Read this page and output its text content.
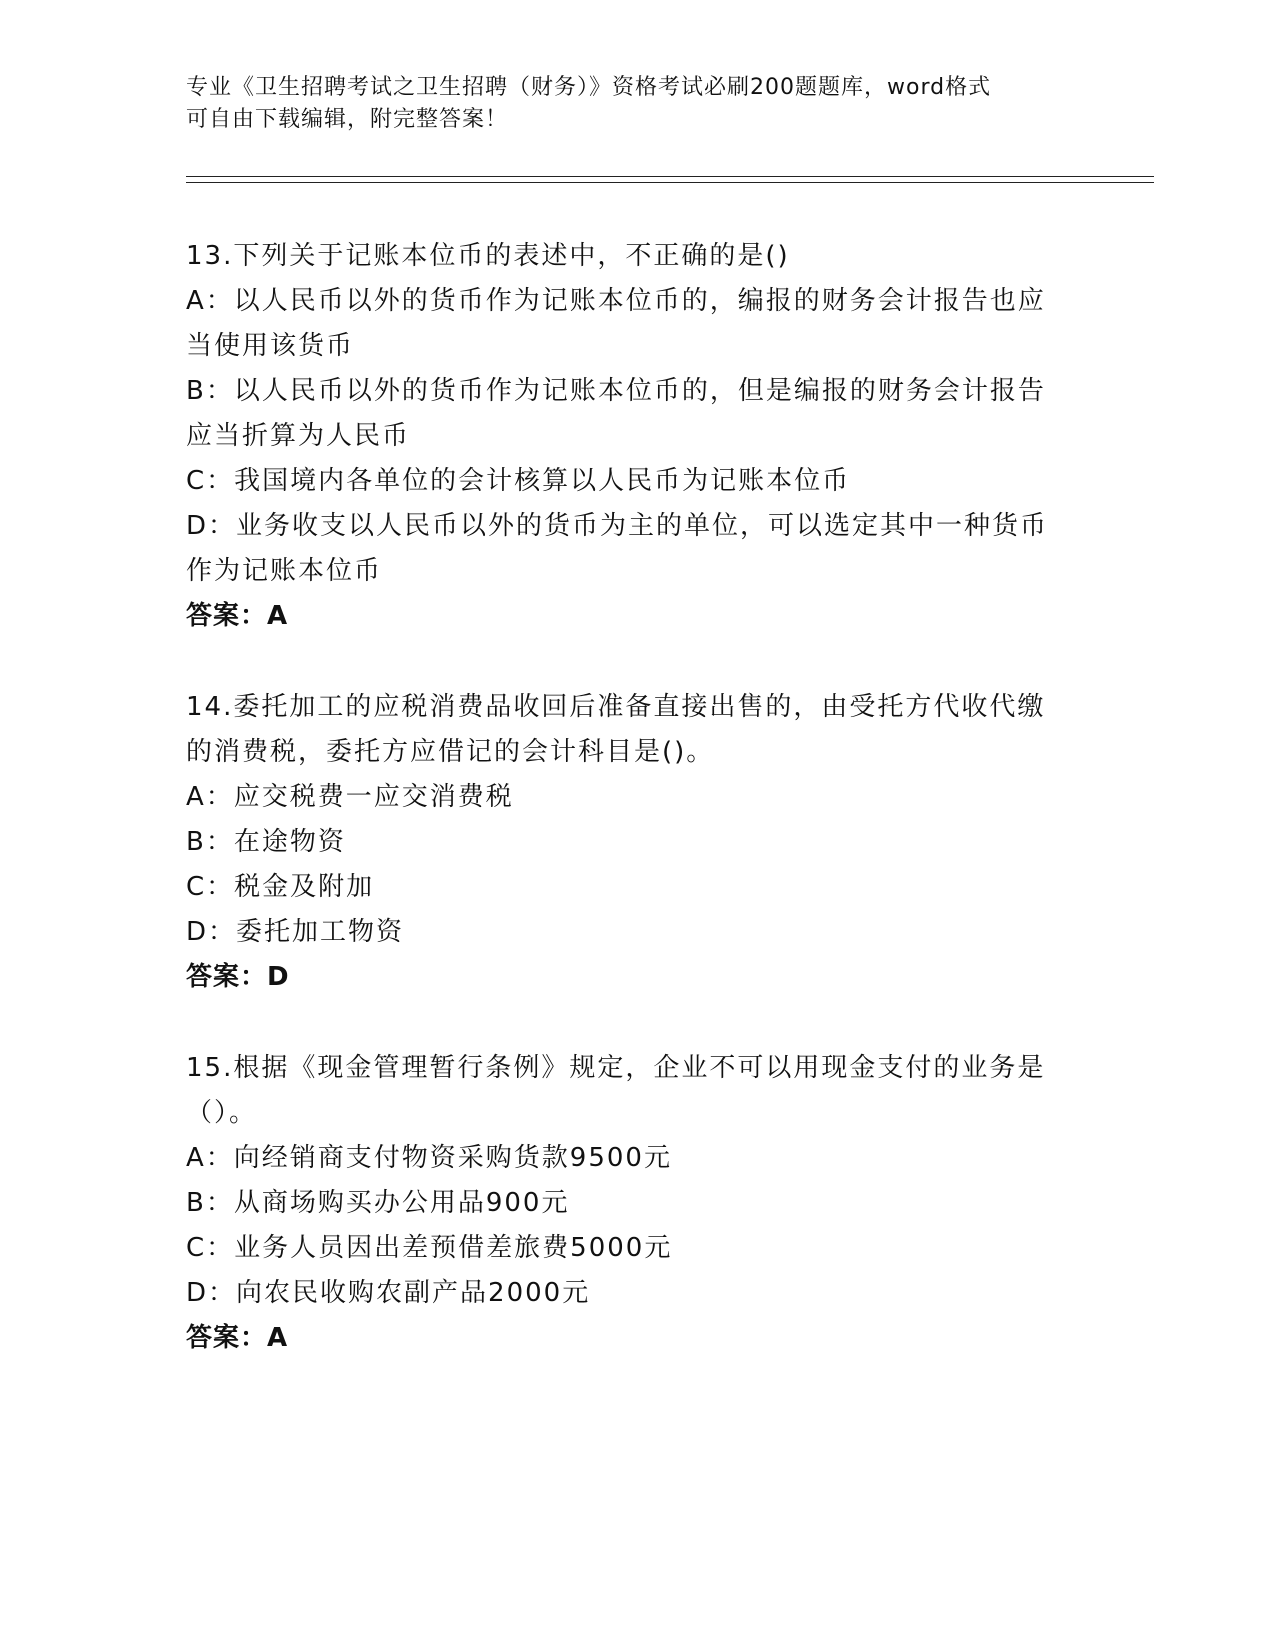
专业《卫生招聘考试之卫生招聘（财务）》资格考试必刷200题题库，word格式
可自由下载编辑，附完整答案！
13.下列关于记账本位币的表述中，不正确的是()
A：以人民币以外的货币作为记账本位币的，编报的财务会计报告也应
当使用该货币
B：以人民币以外的货币作为记账本位币的，但是编报的财务会计报告
应当折算为人民币
C：我国境内各单位的会计核算以人民币为记账本位币
D：业务收支以人民币以外的货币为主的单位，可以选定其中一种货币
作为记账本位币
答案：A
14.委托加工的应税消费品收回后准备直接出售的，由受托方代收代缴
的消费税，委托方应借记的会计科目是()。
A：应交税费一应交消费税
B：在途物资
C：税金及附加
D：委托加工物资
答案：D
15.根据《现金管理暂行条例》规定，企业不可以用现金支付的业务是
（）。
A：向经销商支付物资采购货款9500元
B：从商场购买办公用品900元
C：业务人员因出差预借差旅费5000元
D：向农民收购农副产品2000元
答案：A
